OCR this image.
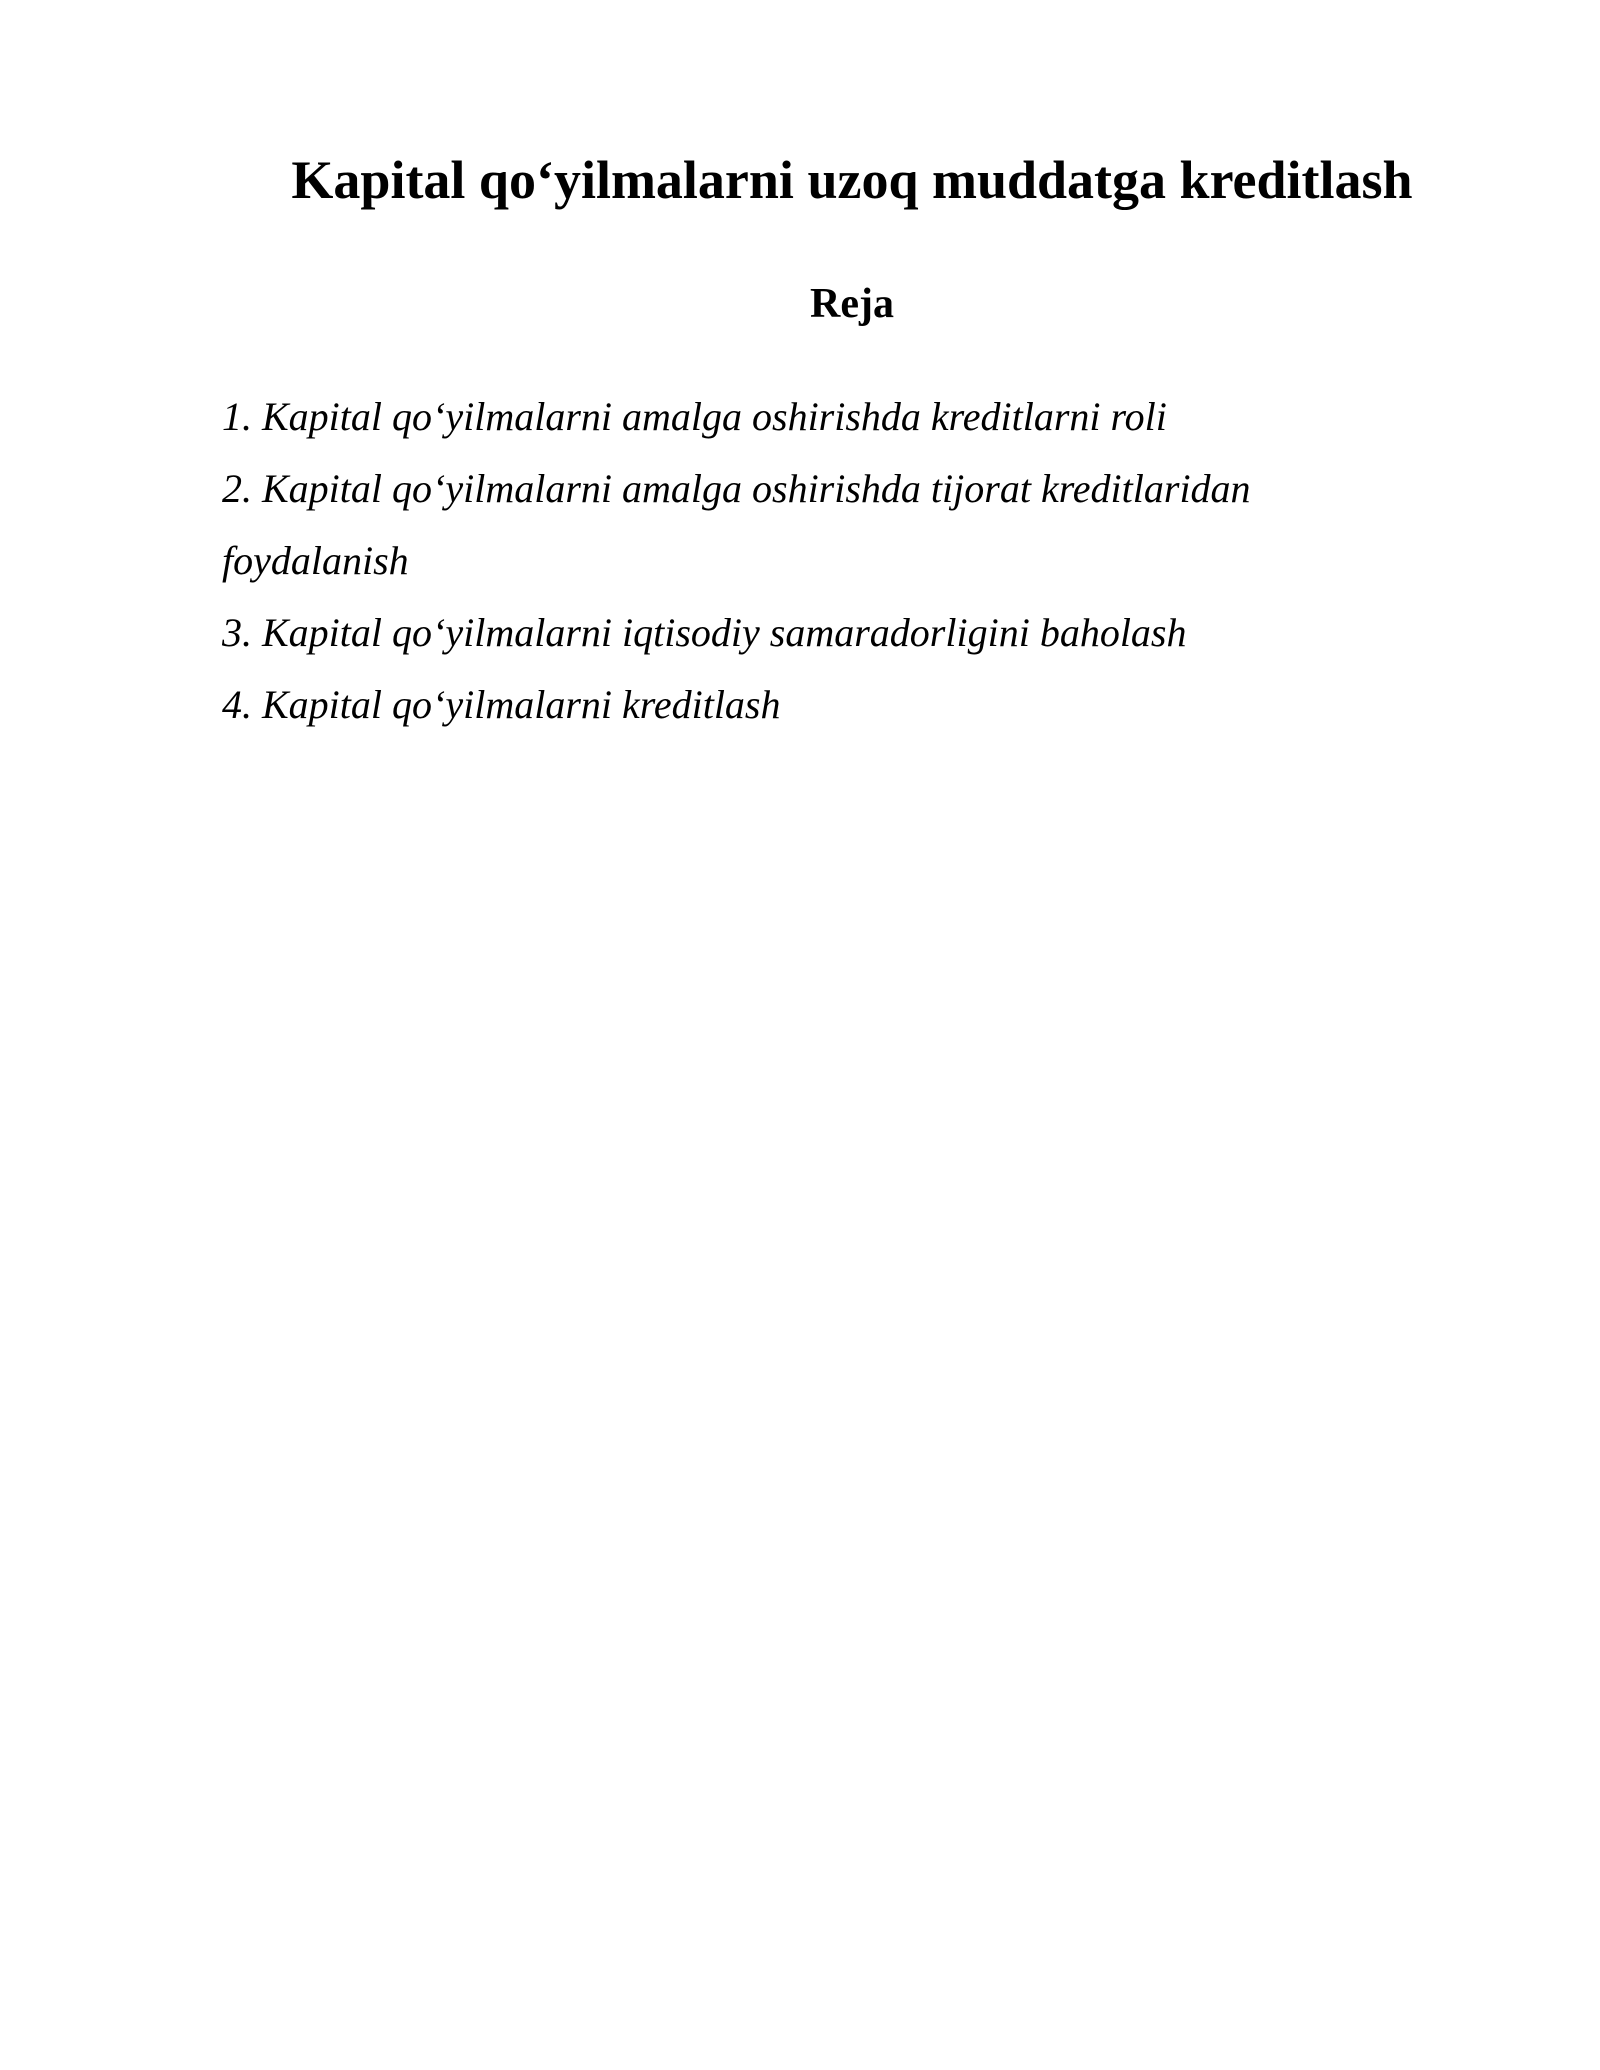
Kapital qo‘yilmalarni uzoq muddatga kreditlash
Reja
1. Kapital qo‘yilmalarni amalga oshirishda kreditlarni roli
2. Kapital qo‘yilmalarni amalga oshirishda tijorat kreditlaridan foydalanish
3. Kapital qo‘yilmalarni iqtisodiy samaradorligini baholash
4. Kapital qo‘yilmalarni kreditlash
